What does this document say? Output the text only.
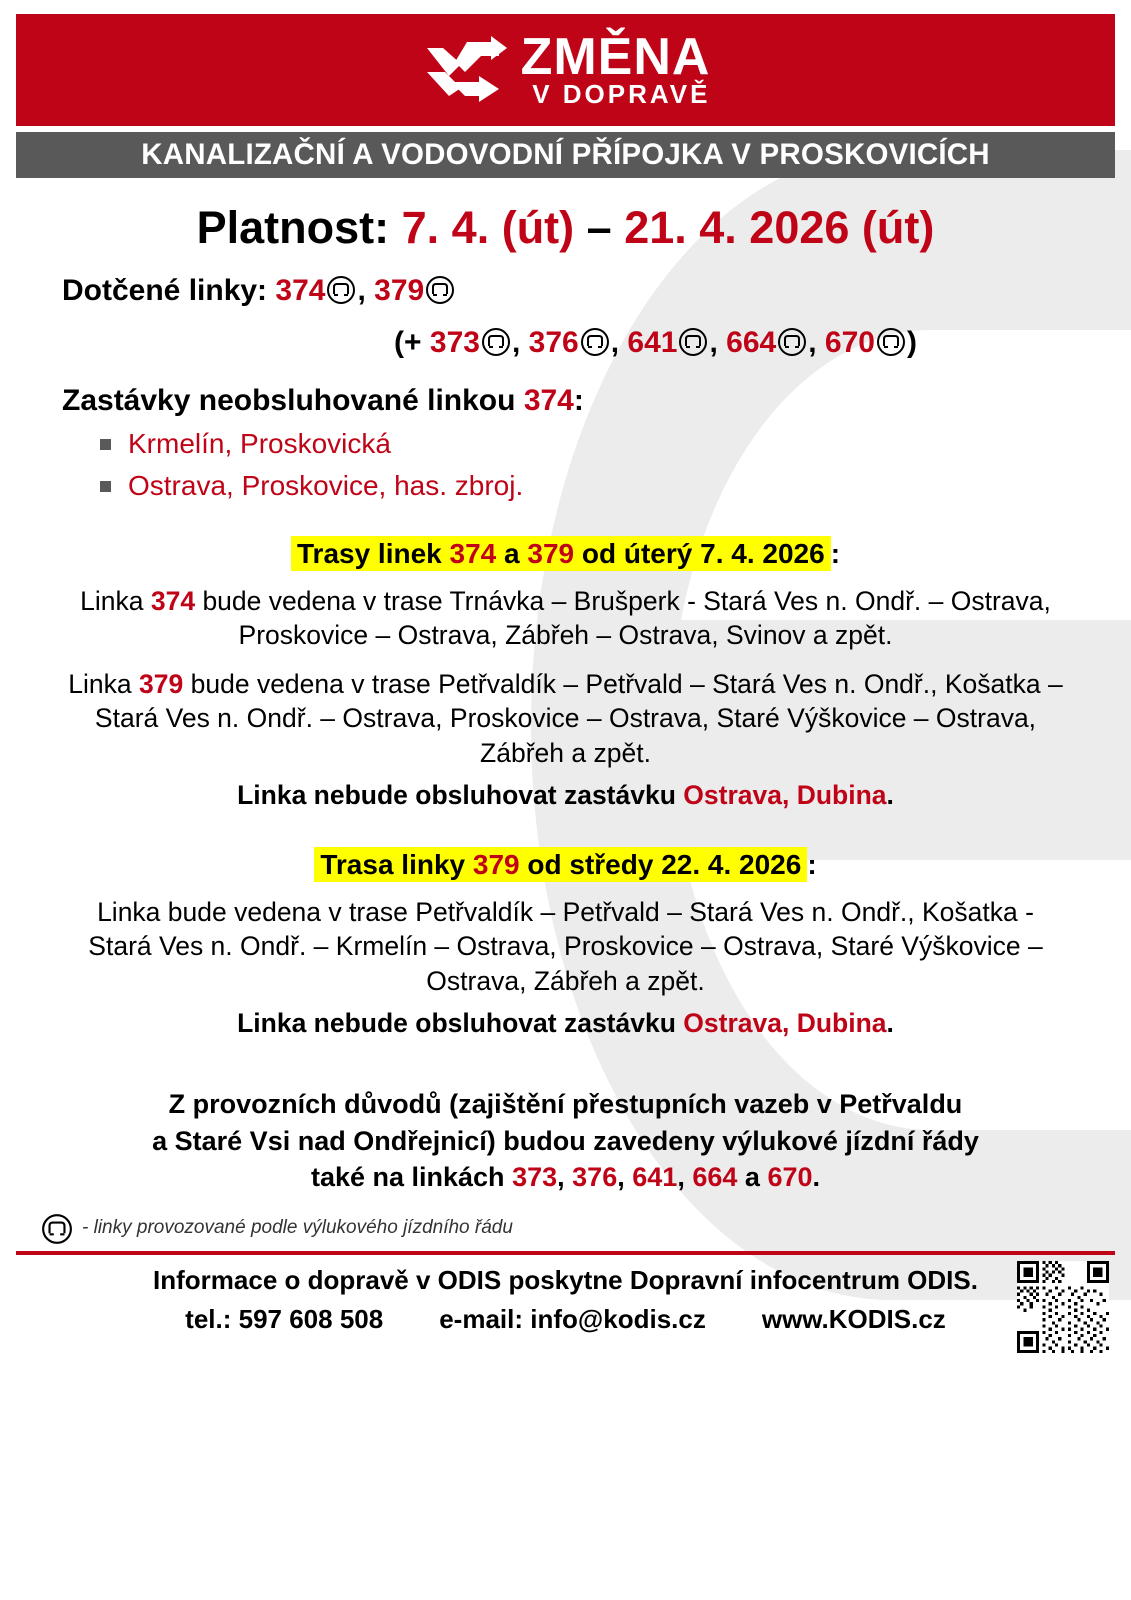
ZMĚNA
V DOPRAVĚ
KANALIZAČNÍ A VODOVODNÍ PŘÍPOJKA V PROSKOVICÍCH
Platnost: 7. 4. (út) – 21. 4. 2026 (út)
Dotčené linky: 374 , 379
(+ 373 , 376 , 641 , 664 , 670 )
Zastávky neobsluhované linkou 374:
Krmelín, Proskovická
Ostrava, Proskovice, has. zbroj.
Trasy linek 374 a 379 od úterý 7. 4. 2026 :
Linka 374 bude vedena v trase Trnávka – Brušperk - Stará Ves n. Ondř. – Ostrava, Proskovice – Ostrava, Zábřeh – Ostrava, Svinov a zpět.
Linka 379 bude vedena v trase Petřvaldík – Petřvald – Stará Ves n. Ondř., Košatka – Stará Ves n. Ondř. – Ostrava, Proskovice – Ostrava, Staré Výškovice – Ostrava, Zábřeh a zpět.
Linka nebude obsluhovat zastávku Ostrava, Dubina.
Trasa linky 379 od středy 22. 4. 2026 :
Linka bude vedena v trase Petřvaldík – Petřvald – Stará Ves n. Ondř., Košatka - Stará Ves n. Ondř. – Krmelín – Ostrava, Proskovice – Ostrava, Staré Výškovice – Ostrava, Zábřeh a zpět.
Linka nebude obsluhovat zastávku Ostrava, Dubina.
Z provozních důvodů (zajištění přestupních vazeb v Petřvaldu
a Staré Vsi nad Ondřejnicí) budou zavedeny výlukové jízdní řády
také na linkách 373, 376, 641, 664 a 670.
- linky provozované podle výlukového jízdního řádu
Informace o dopravě v ODIS poskytne Dopravní infocentrum ODIS.
tel.: 597 608 508 e-mail: info@kodis.cz www.KODIS.cz
